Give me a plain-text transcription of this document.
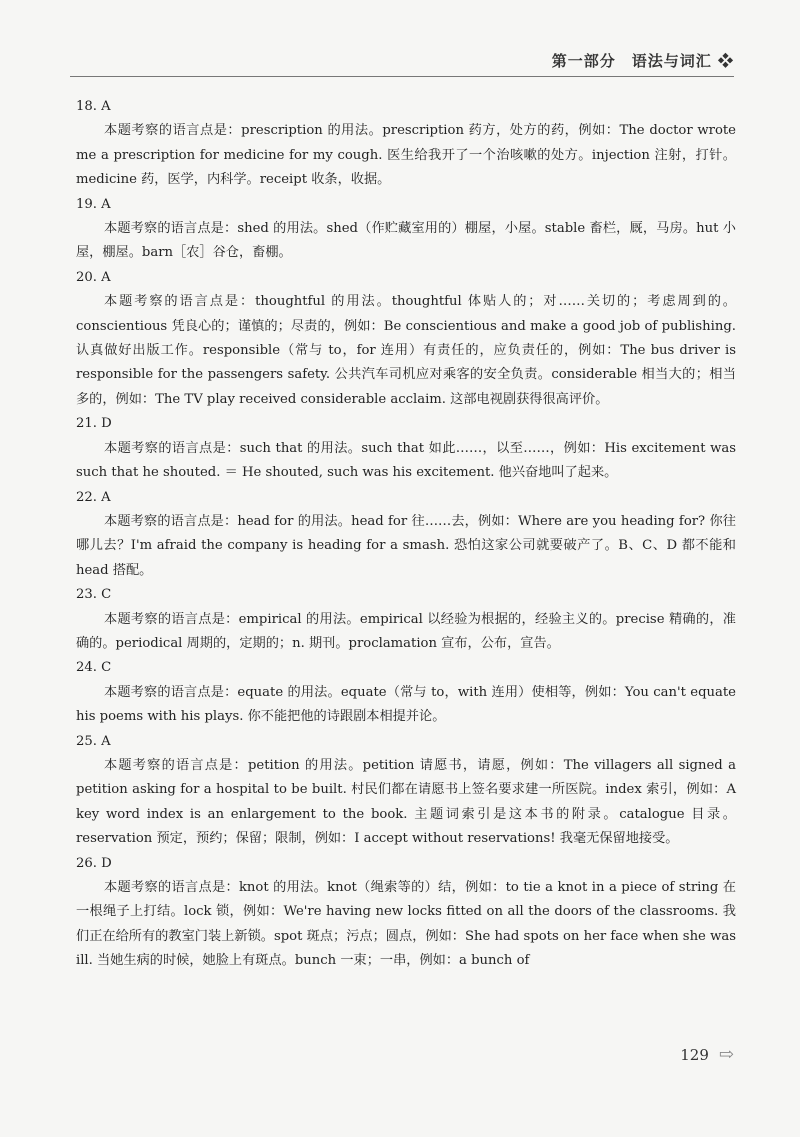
第一部分　语法与词汇 ❖
18. A
本题考察的语言点是：prescription 的用法。prescription 药方，处方的药，例如：The doctor wrote me a prescription for medicine for my cough. 医生给我开了一个治咳嗽的处方。injection 注射，打针。medicine 药，医学，内科学。receipt 收条，收据。
19. A
本题考察的语言点是：shed 的用法。shed（作贮藏室用的）棚屋，小屋。stable 畜栏，厩，马房。hut 小屋，棚屋。barn［农］谷仓，畜棚。
20. A
本题考察的语言点是：thoughtful 的用法。thoughtful 体贴人的；对……关切的；考虑周到的。conscientious 凭良心的；谨慎的；尽责的，例如：Be conscientious and make a good job of publishing. 认真做好出版工作。responsible（常与 to，for 连用）有责任的，应负责任的，例如：The bus driver is responsible for the passengers safety. 公共汽车司机应对乘客的安全负责。considerable 相当大的；相当多的，例如：The TV play received considerable acclaim. 这部电视剧获得很高评价。
21. D
本题考察的语言点是：such that 的用法。such that 如此……，以至……，例如：His excitement was such that he shouted. ＝ He shouted, such was his excitement. 他兴奋地叫了起来。
22. A
本题考察的语言点是：head for 的用法。head for 往……去，例如：Where are you heading for? 你往哪儿去？I'm afraid the company is heading for a smash. 恐怕这家公司就要破产了。B、C、D 都不能和 head 搭配。
23. C
本题考察的语言点是：empirical 的用法。empirical 以经验为根据的，经验主义的。precise 精确的，准确的。periodical 周期的，定期的；n. 期刊。proclamation 宣布，公布，宣告。
24. C
本题考察的语言点是：equate 的用法。equate（常与 to，with 连用）使相等，例如：You can't equate his poems with his plays. 你不能把他的诗跟剧本相提并论。
25. A
本题考察的语言点是：petition 的用法。petition 请愿书，请愿，例如：The villagers all signed a petition asking for a hospital to be built. 村民们都在请愿书上签名要求建一所医院。index 索引，例如：A key word index is an enlargement to the book. 主题词索引是这本书的附录。catalogue 目录。reservation 预定，预约；保留；限制，例如：I accept without reservations! 我毫无保留地接受。
26. D
本题考察的语言点是：knot 的用法。knot（绳索等的）结，例如：to tie a knot in a piece of string 在一根绳子上打结。lock 锁，例如：We're having new locks fitted on all the doors of the classrooms. 我们正在给所有的教室门装上新锁。spot 斑点；污点；圆点，例如：She had spots on her face when she was ill. 当她生病的时候，她脸上有斑点。bunch 一束；一串，例如：a bunch of
129 ⇨
